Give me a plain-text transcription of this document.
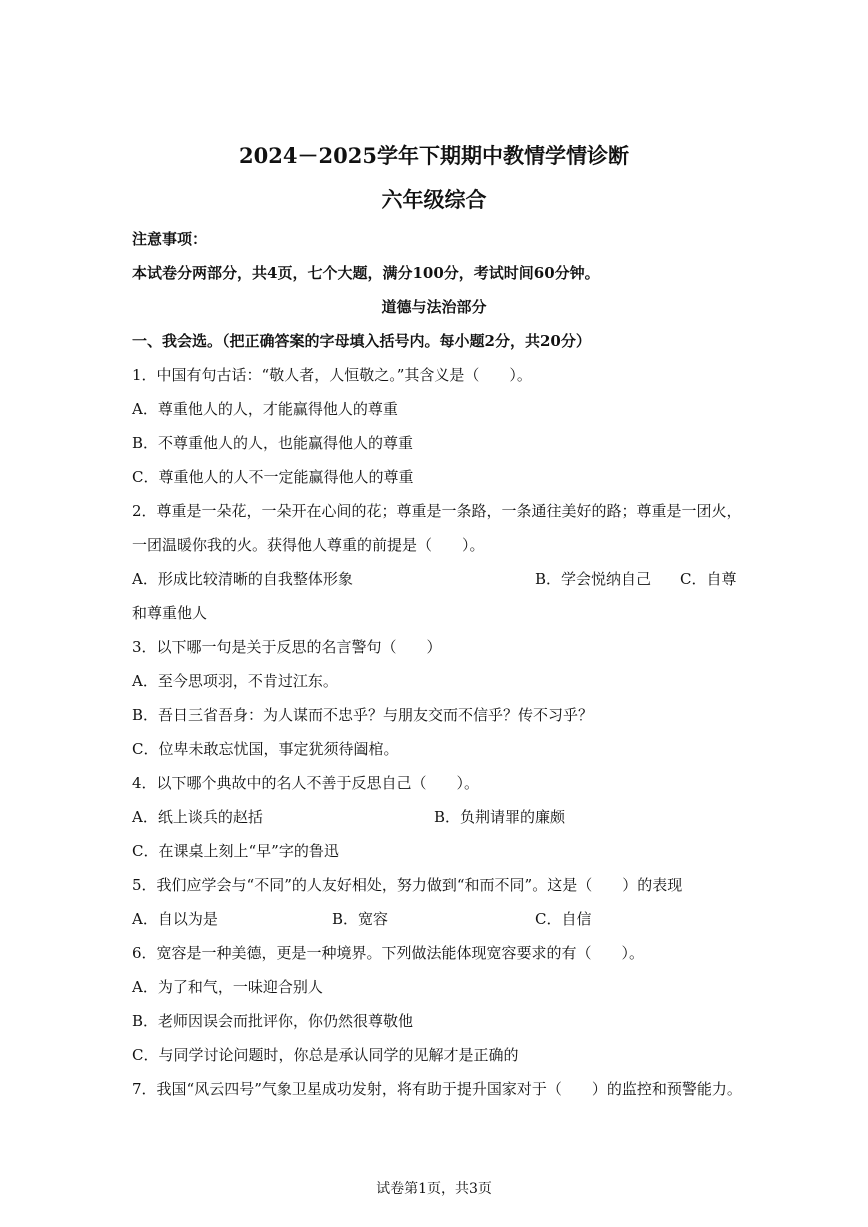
2024－2025学年下期期中教情学情诊断
六年级综合
注意事项：
本试卷分两部分，共4页，七个大题，满分100分，考试时间60分钟。
道德与法治部分
一、我会选。（把正确答案的字母填入括号内。每小题2分，共20分）
1．中国有句古话：“敬人者，人恒敬之。”其含义是（　　）。
A．尊重他人的人，才能赢得他人的尊重
B．不尊重他人的人，也能赢得他人的尊重
C．尊重他人的人不一定能赢得他人的尊重
2．尊重是一朵花，一朵开在心间的花；尊重是一条路，一条通往美好的路；尊重是一团火，
一团温暖你我的火。获得他人尊重的前提是（　　）。
A．形成比较清晰的自我整体形象	B．学会悦纳自己 C．自尊
和尊重他人
3．以下哪一句是关于反思的名言警句（　　）
A．至今思项羽，不肯过江东。
B．吾日三省吾身：为人谋而不忠乎？与朋友交而不信乎？传不习乎？
C．位卑未敢忘忧国，事定犹须待阖棺。
4．以下哪个典故中的名人不善于反思自己（　　）。
A．纸上谈兵的赵括	B．负荆请罪的廉颇
C．在课桌上刻上“早”字的鲁迅
5．我们应学会与“不同”的人友好相处，努力做到“和而不同”。这是（　　）的表现
A．自以为是	B．宽容	C．自信
6．宽容是一种美德，更是一种境界。下列做法能体现宽容要求的有（　　）。
A．为了和气，一味迎合别人
B．老师因误会而批评你，你仍然很尊敬他
C．与同学讨论问题时，你总是承认同学的见解才是正确的
7．我国“风云四号”气象卫星成功发射，将有助于提升国家对于（　　）的监控和预警能力。
试卷第1页，共3页
